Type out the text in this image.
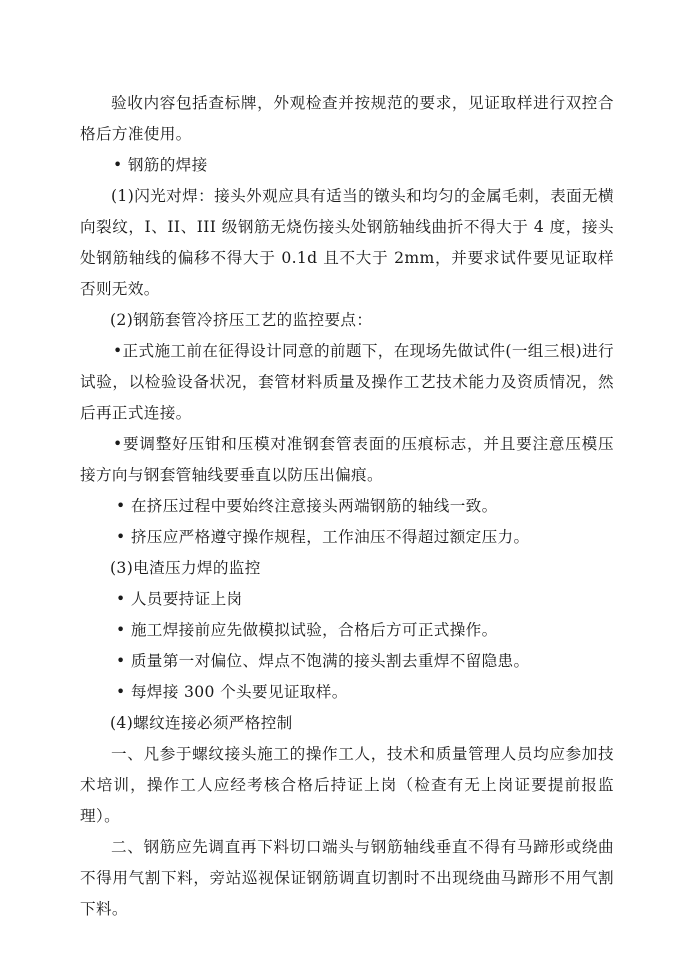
验收内容包括查标牌，外观检查并按规范的要求，见证取样进行双控合格后方准使用。

• 钢筋的焊接

(1)闪光对焊：接头外观应具有适当的镦头和均匀的金属毛刺，表面无横向裂纹，I、II、III 级钢筋无烧伤接头处钢筋轴线曲折不得大于 4 度，接头处钢筋轴线的偏移不得大于 0.1d 且不大于 2mm，并要求试件要见证取样否则无效。

(2)钢筋套管冷挤压工艺的监控要点：

•正式施工前在征得设计同意的前题下，在现场先做试件(一组三根)进行试验，以检验设备状况，套管材料质量及操作工艺技术能力及资质情况，然后再正式连接。

•要调整好压钳和压模对准钢套管表面的压痕标志，并且要注意压模压接方向与钢套管轴线要垂直以防压出偏痕。

• 在挤压过程中要始终注意接头两端钢筋的轴线一致。

• 挤压应严格遵守操作规程，工作油压不得超过额定压力。

(3)电渣压力焊的监控

• 人员要持证上岗

• 施工焊接前应先做模拟试验，合格后方可正式操作。

• 质量第一对偏位、焊点不饱满的接头割去重焊不留隐患。

• 每焊接 300 个头要见证取样。

(4)螺纹连接必须严格控制

一、凡参于螺纹接头施工的操作工人，技术和质量管理人员均应参加技术培训，操作工人应经考核合格后持证上岗（检查有无上岗证要提前报监理）。

二、钢筋应先调直再下料切口端头与钢筋轴线垂直不得有马蹄形或绕曲不得用气割下料，旁站巡视保证钢筋调直切割时不出现绕曲马蹄形不用气割下料。
